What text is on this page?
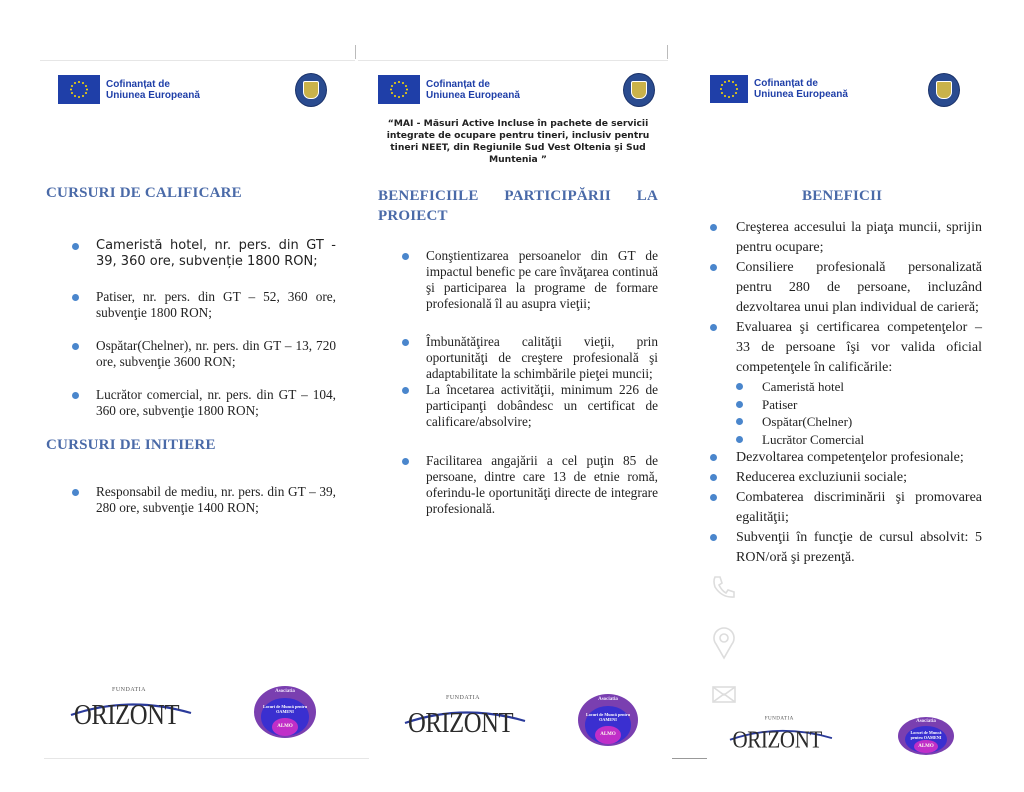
Cofinanțat de
Uniunea Europeană
CURSURI DE CALIFICARE
Cameristă hotel, nr. pers. din GT - 39, 360 ore, subvenție 1800 RON;
Patiser, nr. pers. din GT – 52, 360 ore, subvenţie 1800 RON;
Ospătar(Chelner), nr. pers. din GT – 13, 720 ore, subvenţie 3600 RON;
Lucrător comercial, nr. pers. din GT – 104, 360 ore, subvenţie 1800 RON;
CURSURI DE INITIERE
Responsabil de mediu, nr. pers. din GT – 39, 280 ore, subvenţie 1400 RON;
FUNDATIA
ORIZONT
Asociatia
Locuri de Muncă pentru OAMENI
ALMO
Cofinanțat de
Uniunea Europeană
“MAI - Măsuri Active Incluse în pachete de servicii integrate de ocupare pentru tineri, inclusiv pentru tineri NEET, din Regiunile Sud Vest Oltenia şi Sud Muntenia ”
BENEFICIILE PARTICIPĂRII LA PROIECT
Conştientizarea persoanelor din GT de impactul benefic pe care învăţarea continuă şi participarea la programe de formare profesională îl au asupra vieţii;
Îmbunătăţirea calităţii vieţii, prin oportunităţi de creştere profesională şi adaptabilitate la schimbările pieţei muncii;
La încetarea activităţii, minimum 226 de participanţi dobândesc un certificat de calificare/absolvire;
Facilitarea angajării a cel puţin 85 de persoane, dintre care 13 de etnie romă, oferindu-le oportunităţi directe de integrare profesională.
FUNDATIA
ORIZONT
Asociatia
Locuri de Muncă pentru OAMENI
ALMO
Cofinanțat de
Uniunea Europeană
BENEFICII
Creşterea accesului la piaţa muncii, sprijin pentru ocupare;
Consiliere profesională personalizată pentru 280 de persoane, incluzând dezvoltarea unui plan individual de carieră;
Evaluarea şi certificarea competenţelor – 33 de persoane îşi vor valida oficial competenţele în calificările:
Cameristă hotel
Patiser
Ospătar(Chelner)
Lucrător Comercial
Dezvoltarea competenţelor profesionale;
Reducerea excluziunii sociale;
Combaterea discriminării şi promovarea egalităţii;
Subvenţii în funcţie de cursul absolvit: 5 RON/oră şi prezenţă.
FUNDATIA
ORIZONT
Asociatia
Locuri de Muncă pentru OAMENI
ALMO
